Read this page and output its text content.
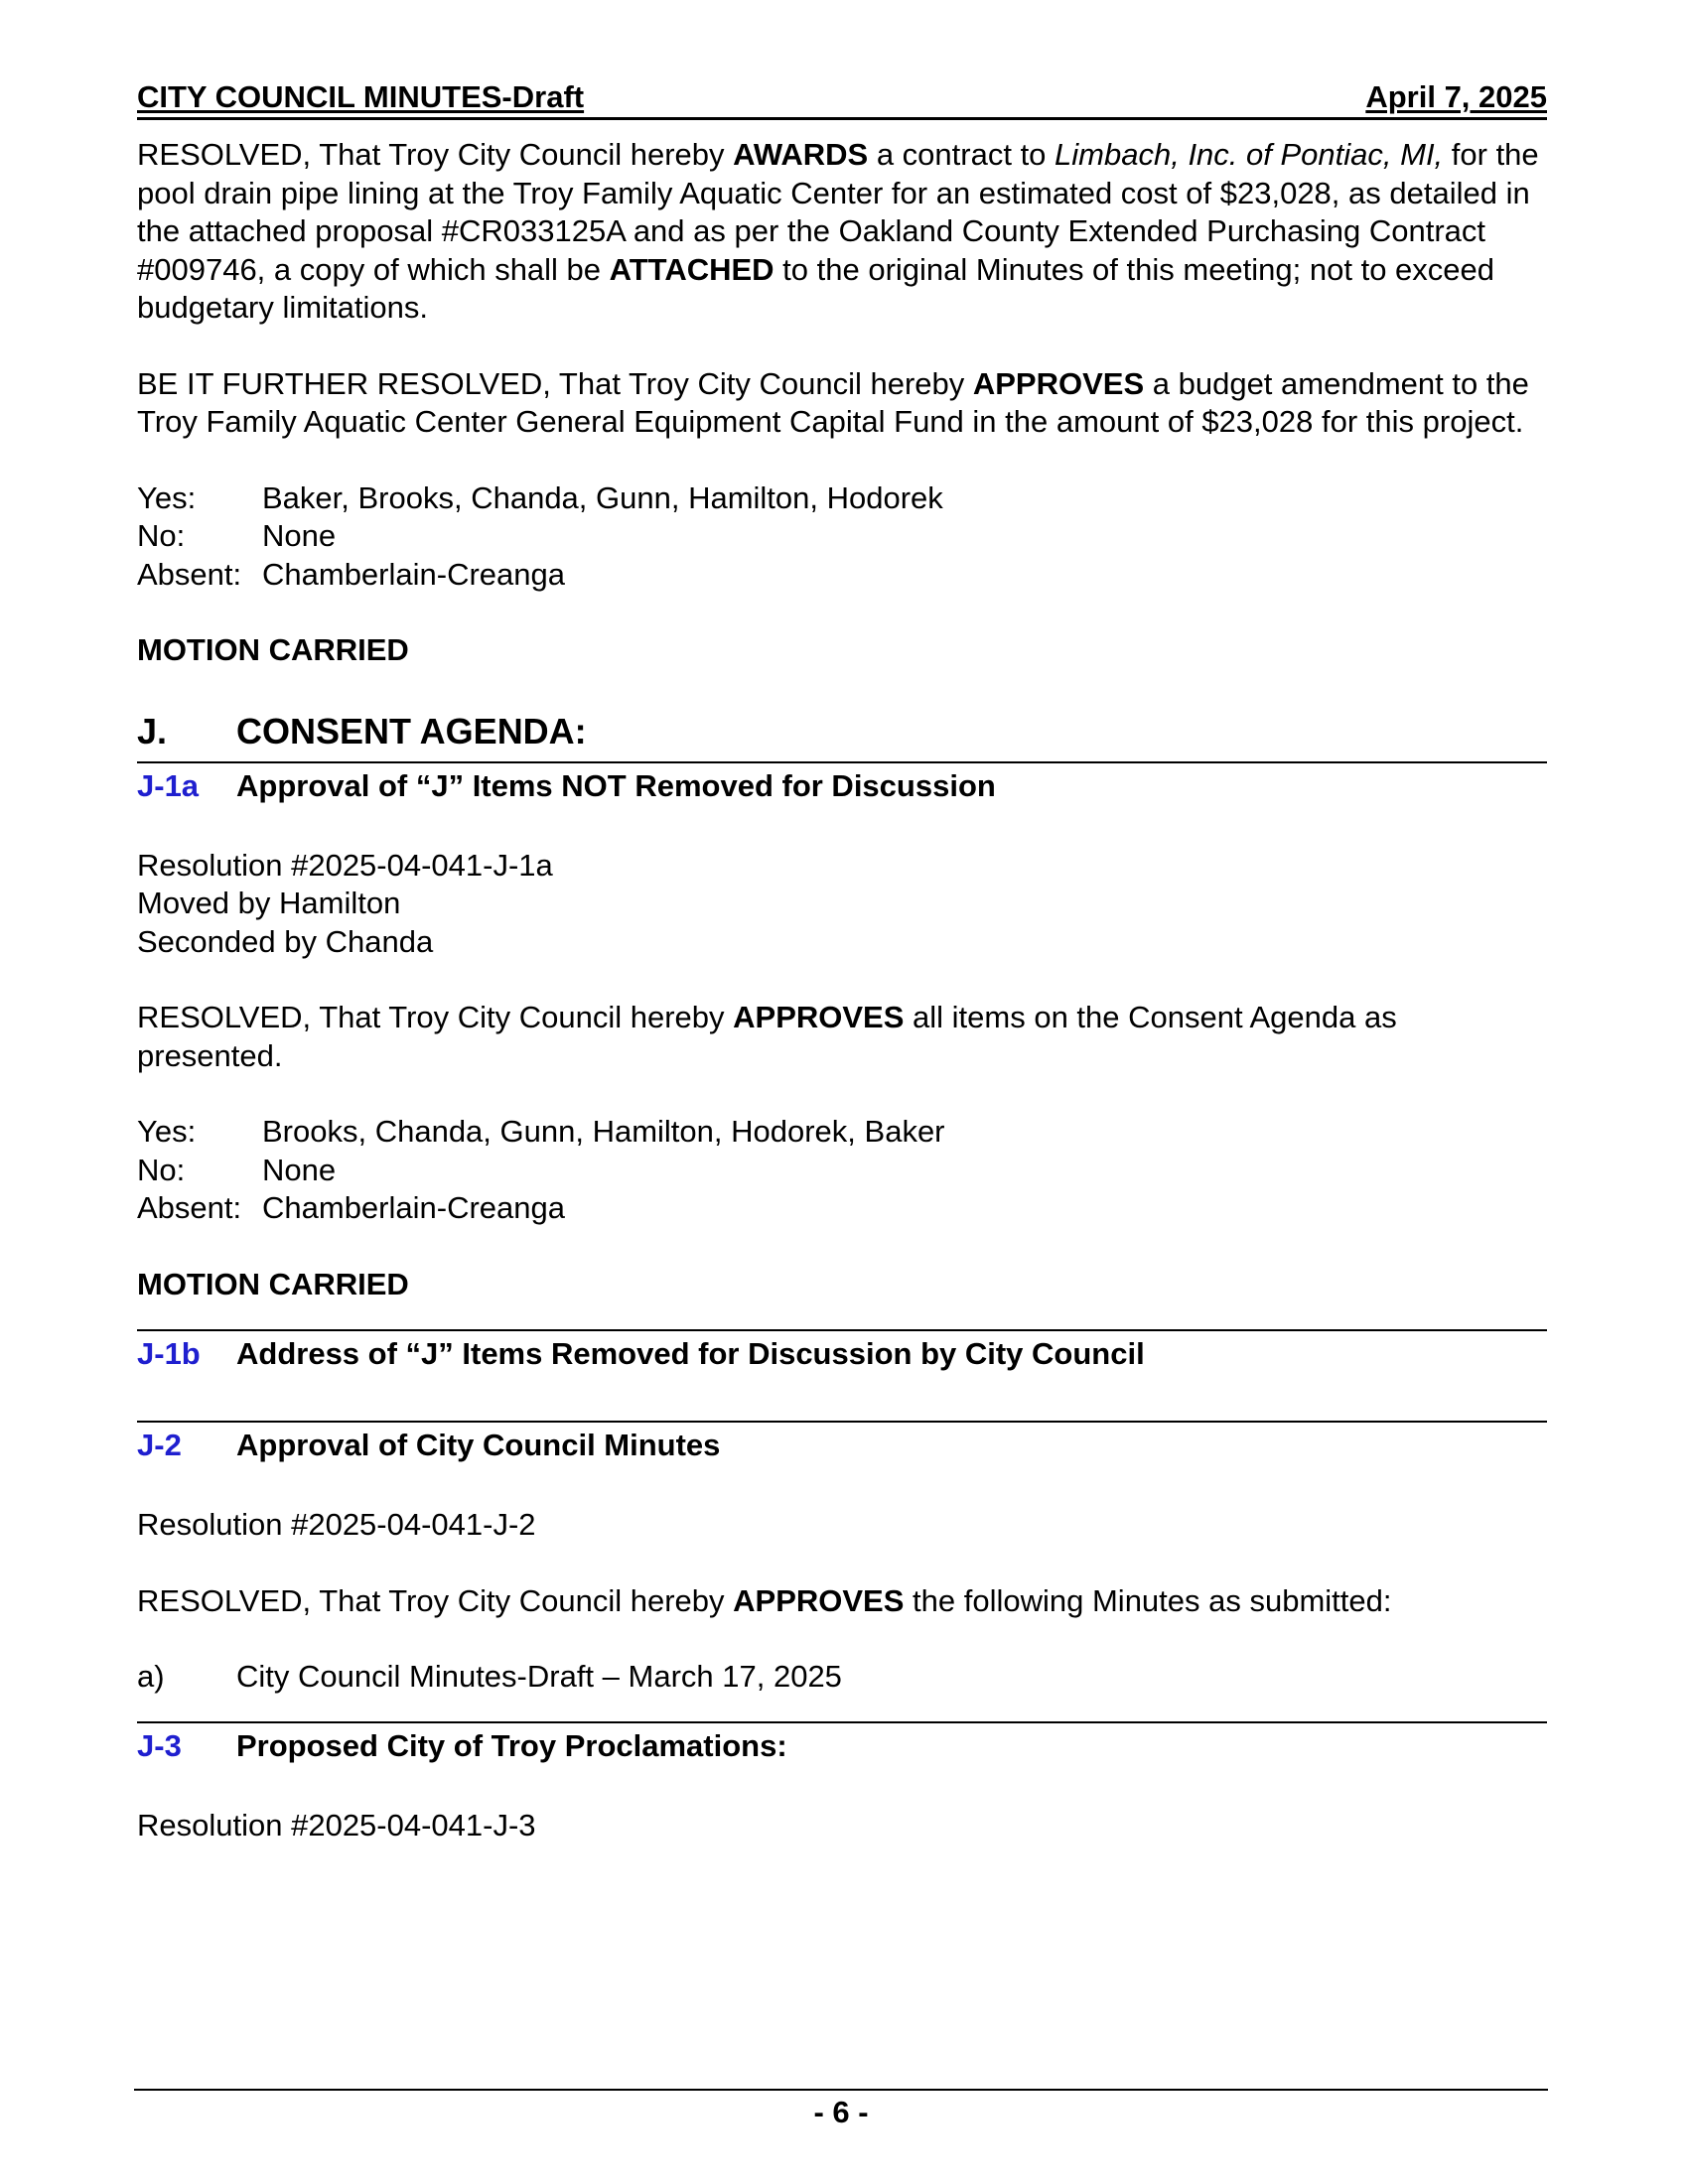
CITY COUNCIL MINUTES-Draft	April 7, 2025

RESOLVED, That Troy City Council hereby AWARDS a contract to Limbach, Inc. of Pontiac, MI, for the pool drain pipe lining at the Troy Family Aquatic Center for an estimated cost of $23,028, as detailed in the attached proposal #CR033125A and as per the Oakland County Extended Purchasing Contract #009746, a copy of which shall be ATTACHED to the original Minutes of this meeting; not to exceed budgetary limitations.

BE IT FURTHER RESOLVED, That Troy City Council hereby APPROVES a budget amendment to the Troy Family Aquatic Center General Equipment Capital Fund in the amount of $23,028 for this project.

Yes:	Baker, Brooks, Chanda, Gunn, Hamilton, Hodorek
No:	None
Absent: Chamberlain-Creanga
MOTION CARRIED
J.	CONSENT AGENDA:
J-1a	Approval of “J” Items NOT Removed for Discussion
Resolution #2025-04-041-J-1a
Moved by Hamilton
Seconded by Chanda

RESOLVED, That Troy City Council hereby APPROVES all items on the Consent Agenda as presented.

Yes:	Brooks, Chanda, Gunn, Hamilton, Hodorek, Baker
No:	None
Absent: Chamberlain-Creanga
MOTION CARRIED
J-1b	Address of “J” Items Removed for Discussion by City Council
J-2	Approval of City Council Minutes
Resolution #2025-04-041-J-2

RESOLVED, That Troy City Council hereby APPROVES the following Minutes as submitted:

a)	City Council Minutes-Draft – March 17, 2025
J-3	Proposed City of Troy Proclamations:
Resolution #2025-04-041-J-3
- 6 -
